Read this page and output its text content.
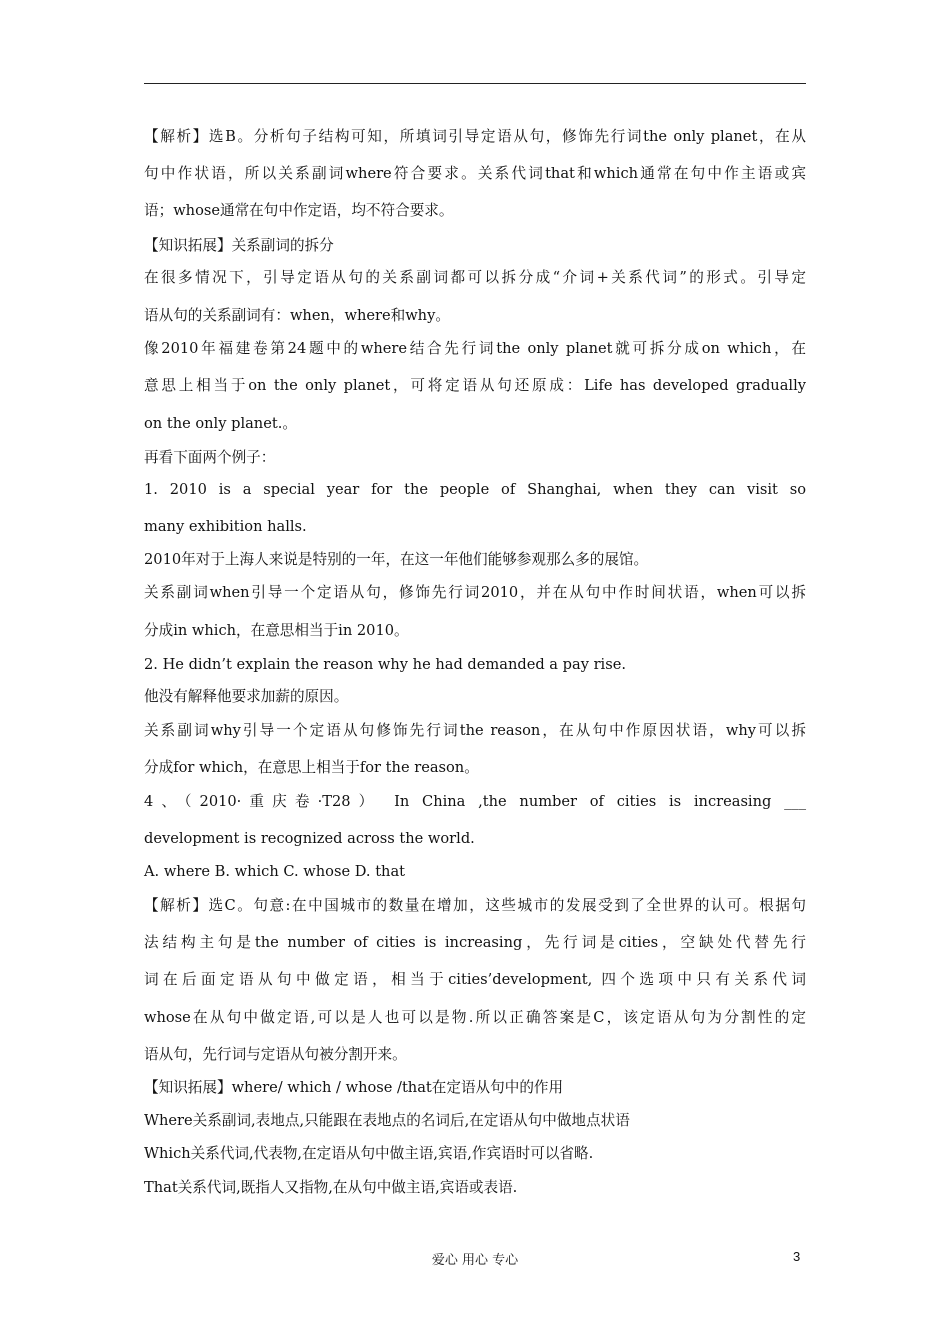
【解析】选B。分析句子结构可知，所填词引导定语从句，修饰先行词the only planet，在从
句中作状语，所以关系副词where符合要求。关系代词that和which通常在句中作主语或宾
语；whose通常在句中作定语，均不符合要求。
【知识拓展】关系副词的拆分
在很多情况下，引导定语从句的关系副词都可以拆分成“介词+关系代词”的形式。引导定
语从句的关系副词有：when，where和why。
像2010年福建卷第24题中的where结合先行词the only planet就可拆分成on which，在
意思上相当于on the only planet，可将定语从句还原成：Life has developed gradually
on the only planet.。
再看下面两个例子：
1. 2010 is a special year for the people of Shanghai, when they can visit so
many exhibition halls.
2010年对于上海人来说是特别的一年，在这一年他们能够参观那么多的展馆。
关系副词when引导一个定语从句，修饰先行词2010，并在从句中作时间状语，when可以拆
分成in which，在意思相当于in 2010。
2. He didn’t explain the reason why he had demanded a pay rise.
他没有解释他要求加薪的原因。
关系副词why引导一个定语从句修饰先行词the reason，在从句中作原因状语，why可以拆
分成for which，在意思上相当于for the reason。
4、（2010·重庆卷·T28） In China ,the number of cities is increasing ___
development is recognized across the world.
A. where B. which C. whose D. that
【解析】选C。句意:在中国城市的数量在增加，这些城市的发展受到了全世界的认可。根据句
法结构主句是the number of cities is increasing，先行词是cities，空缺处代替先行
词在后面定语从句中做定语，相当于cities’development, 四个选项中只有关系代词
whose在从句中做定语,可以是人也可以是物.所以正确答案是C，该定语从句为分割性的定
语从句，先行词与定语从句被分割开来。
【知识拓展】where/ which / whose /that在定语从句中的作用
Where关系副词,表地点,只能跟在表地点的名词后,在定语从句中做地点状语
Which关系代词,代表物,在定语从句中做主语,宾语,作宾语时可以省略.
That关系代词,既指人又指物,在从句中做主语,宾语或表语.
爱心 用心 专心	3
